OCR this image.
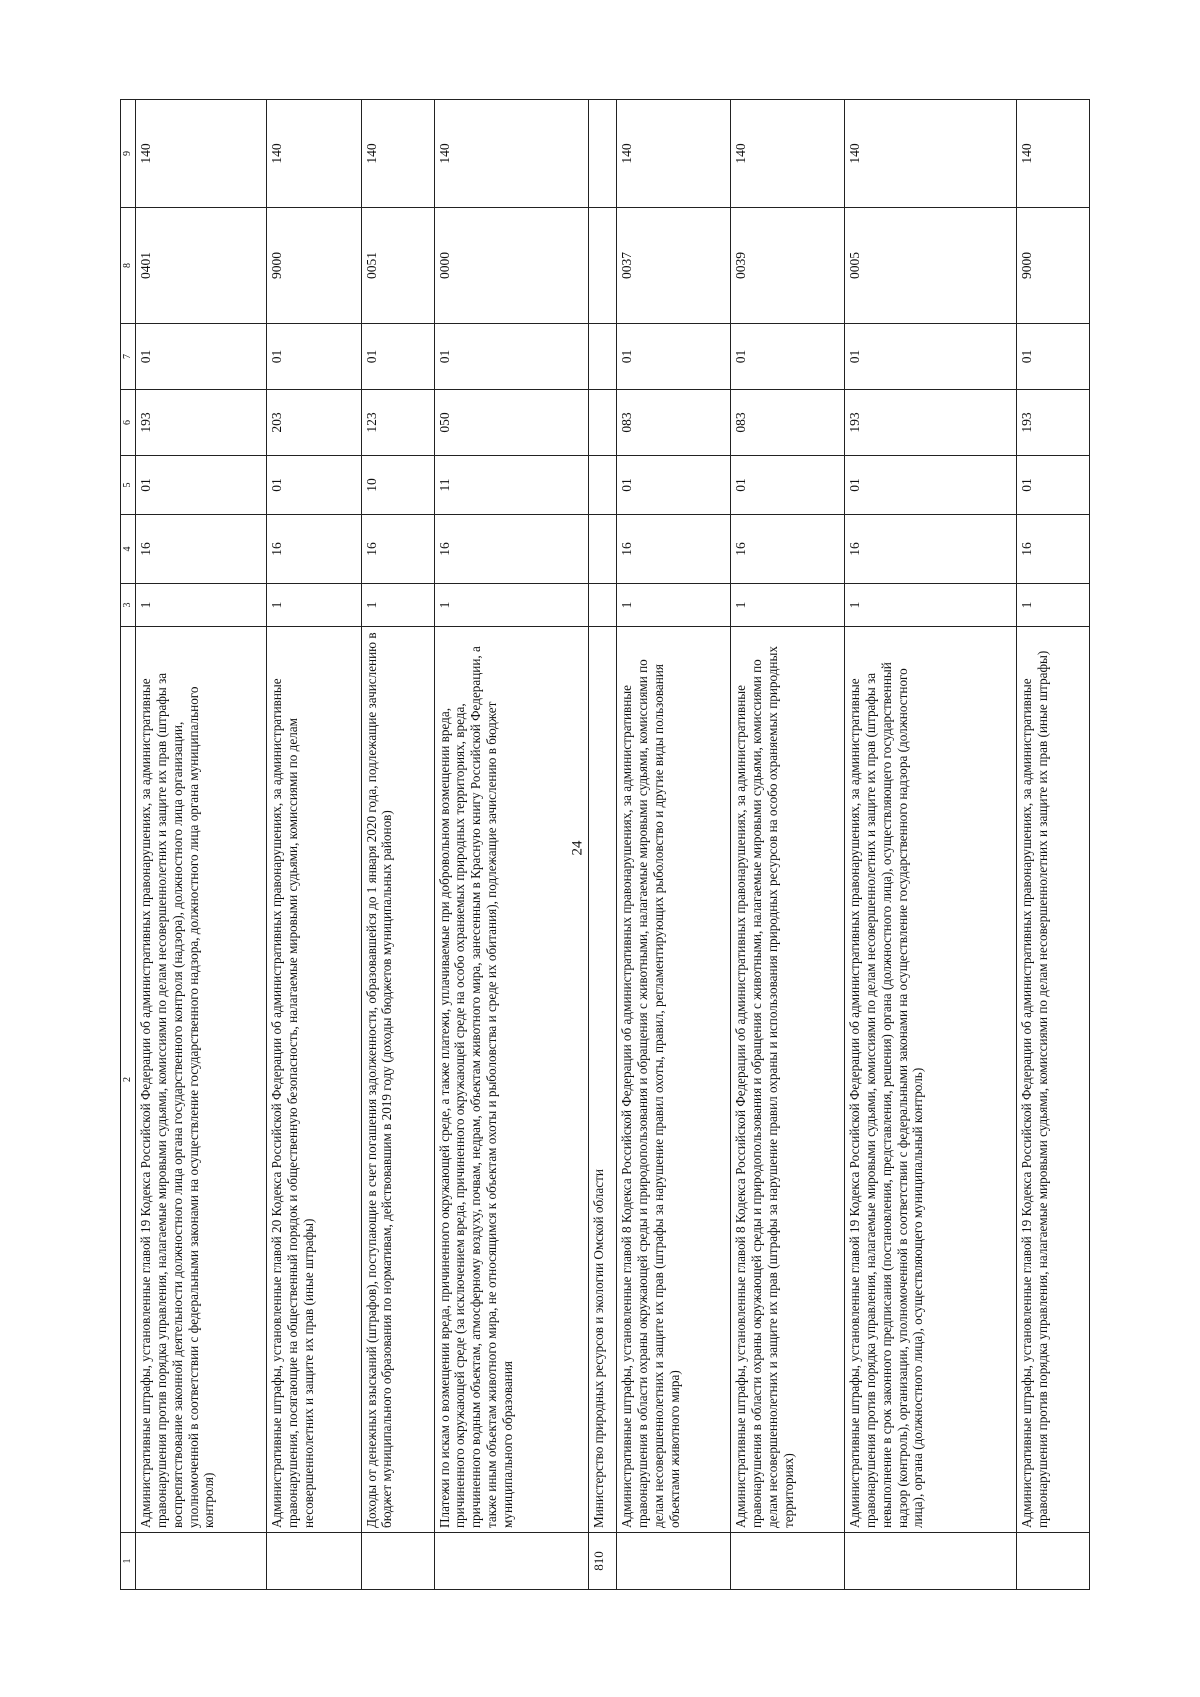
24
1	2	3	4	5	6	7	8	9
	Административные штрафы, установленные главой 19 Кодекса Российской Федерации об административных правонарушениях, за административные правонарушения против порядка управления, налагаемые мировыми судьями, комиссиями по делам несовершеннолетних и защите их прав (штрафы за воспрепятствование законной деятельности должностного лица органа государственного контроля (надзора), должностного лица организации, уполномоченной в соответствии с федеральными законами на осуществление государственного надзора, должностного лица органа муниципального контроля)	1	16	01	193	01	0401	140
	Административные штрафы, установленные главой 20 Кодекса Российской Федерации об административных правонарушениях, за административные правонарушения, посягающие на общественный порядок и общественную безопасность, налагаемые мировыми судьями, комиссиями по делам несовершеннолетних и защите их прав (иные штрафы)	1	16	01	203	01	9000	140
	Доходы от денежных взысканий (штрафов), поступающие в счет погашения задолженности, образовавшейся до 1 января 2020 года, подлежащие зачислению в бюджет муниципального образования по нормативам, действовавшим в 2019 году (доходы бюджетов муниципальных районов)	1	16	10	123	01	0051	140
	Платежи по искам о возмещении вреда, причиненного окружающей среде, а также платежи, уплачиваемые при добровольном возмещении вреда, причиненного окружающей среде (за исключением вреда, причиненного окружающей среде на особо охраняемых природных территориях, вреда, причиненного водным объектам, атмосферному воздуху, почвам, недрам, объектам животного мира, занесенным в Красную книгу Российской Федерации, а также иным объектам животного мира, не относящимся к объектам охоты и рыболовства и среде их обитания), подлежащие зачислению в бюджет муниципального образования	1	16	11	050	01	0000	140
810	Министерство природных ресурсов и экологии Омской области							
	Административные штрафы, установленные главой 8 Кодекса Российской Федерации об административных правонарушениях, за административные правонарушения в области охраны окружающей среды и природопользования и обращения с животными, налагаемые мировыми судьями, комиссиями по делам несовершеннолетних и защите их прав (штрафы за нарушение правил охоты, правил, регламентирующих рыболовство и другие виды пользования объектами животного мира)	1	16	01	083	01	0037	140
	Административные штрафы, установленные главой 8 Кодекса Российской Федерации об административных правонарушениях, за административные правонарушения в области охраны окружающей среды и природопользования и обращения с животными, налагаемые мировыми судьями, комиссиями по делам несовершеннолетних и защите их прав (штрафы за нарушение правил охраны и использования природных ресурсов на особо охраняемых природных территориях)	1	16	01	083	01	0039	140
	Административные штрафы, установленные главой 19 Кодекса Российской Федерации об административных правонарушениях, за административные правонарушения против порядка управления, налагаемые мировыми судьями, комиссиями по делам несовершеннолетних и защите их прав (штрафы за невыполнение в срок законного предписания (постановления, представления, решения) органа (должностного лица), осуществляющего государственный надзор (контроль), организации, уполномоченной в соответствии с федеральными законами на осуществление государственного надзора (должностного лица), органа (должностного лица), осуществляющего муниципальный контроль)	1	16	01	193	01	0005	140
	Административные штрафы, установленные главой 19 Кодекса Российской Федерации об административных правонарушениях, за административные правонарушения против порядка управления, налагаемые мировыми судьями, комиссиями по делам несовершеннолетних и защите их прав (иные штрафы)	1	16	01	193	01	9000	140
